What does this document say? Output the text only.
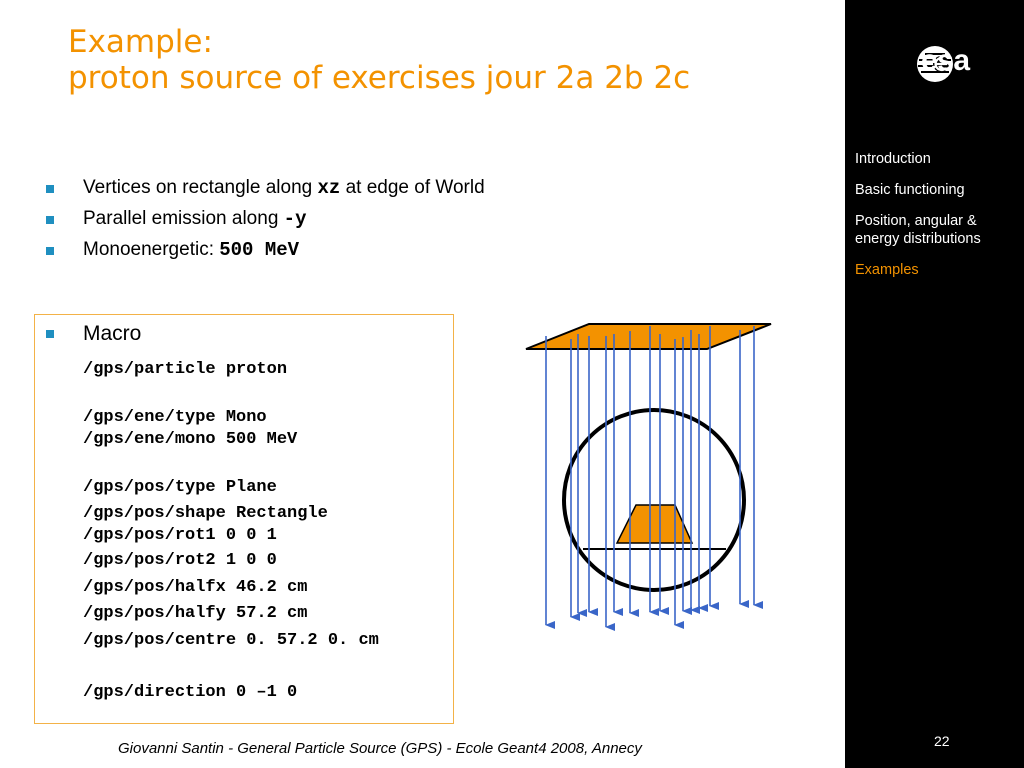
Example:
proton source of exercises jour 2a 2b 2c	esa
Introduction
Basic functioning
Position, angular &
energy distributions
Examples
Vertices on rectangle along xz at edge of World
Parallel emission along -y
Monoenergetic: 500 MeV
Macro
/gps/particle proton
/gps/ene/type Mono
/gps/ene/mono 500 MeV
/gps/pos/type Plane
/gps/pos/shape Rectangle
/gps/pos/rot1 0 0 1
/gps/pos/rot2 1 0 0
/gps/pos/halfx 46.2 cm
/gps/pos/halfy 57.2 cm
/gps/pos/centre 0. 57.2 0. cm
/gps/direction 0 –1 0
Giovanni Santin - General Particle Source (GPS) - Ecole Geant4 2008, Annecy	22
